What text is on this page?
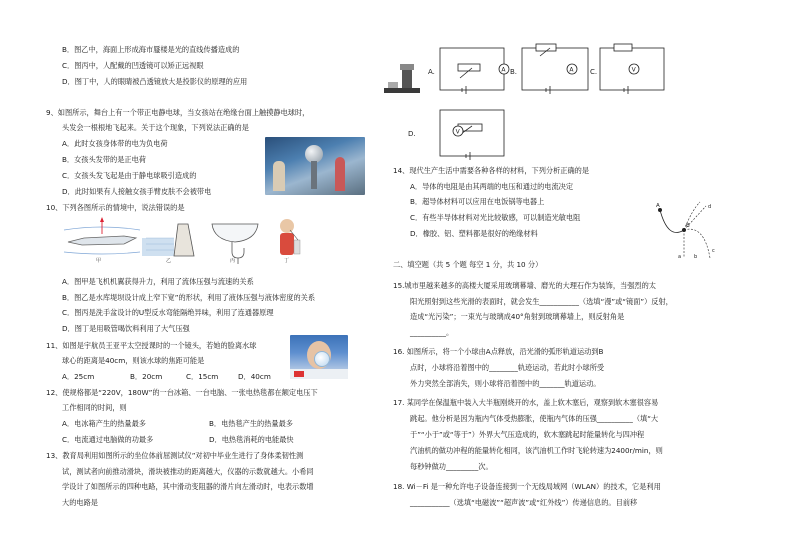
B．图乙中，海面上形成海市蜃楼是光的直线传播造成的
C．图丙中，人配戴的凹透镜可以矫正远视眼
D．图丁中，人的眼睛被凸透镜放大是投影仪的原理的应用
9、如图所示，舞台上有一个带正电静电球，当女孩站在绝缘台面上触摸静电球时，
头发会一根根地飞起来。关于这个现象，下列说法正确的是
A．此时女孩身体带的电为负电荷
B．女孩头发带的是正电荷
C．女孩头发飞起是由于静电球吸引造成的
D．此时如果有人接触女孩手臂皮肤不会被带电
10、下列各图所示的情境中，说法错误的是
甲	乙	丙	丁
A．图甲是飞机机翼获得升力，利用了流体压强与流速的关系
B．图乙是水库堤坝设计成上窄下宽”的形状，利用了液体压强与液体密度的关系
C．图丙是洗手盆设计的U型反水弯能隔绝异味，利用了连通器原理
D．图丁是用吸管喝饮料利用了大气压强
11、如图是宇航员王亚平太空授课时的一个镜头，若她的脸离水球
球心的距离是40cm，则该水球的焦距可能是
A．25cm	B．20cm	C．15cm	D．40cm
12、使规格都是“220V，180W”的一台冰箱、一台电脑、一张电热毯都在额定电压下
工作相同的时间，则
A．电冰箱产生的热量最多	B．电热毯产生的热量最多
C．电流通过电脑做的功最多	D．电热毯消耗的电能最快
13、教育局利用如图所示的坐位体前屈测试仪”对初中毕业生进行了身体柔韧性测
试，测试者向前推动滑块，滑块被推动的距离越大，仪器的示数就越大。小希同
学设计了如图所示的四种电路，其中滑动变阻器的滑片向左滑动时，电表示数增
大的电路是
A	A	V
V
A.	B.	C.
D.
14、现代生产生活中需要各种各样的材料，下列分析正确的是
A．导体的电阻是由其两端的电压和通过的电流决定
B．超导体材料可以应用在电饭锅等电器上
C．有些半导体材料对光比较敏感，可以制造光敏电阻
D．橡胶、铝、塑料都是很好的绝缘材料
A
B
a	b
c
d
二、填空题（共 5 个题 每空 1 分，共 10 分）
15.城市里越来越多的高楼大厦采用玻璃幕墙、磨光的大理石作为装饰，当强烈的太
阳光照射到这些光滑的表面时，就会发生___________（选填“漫”或“镜面”）反射，
造成“光污染”；一束光与玻璃成40°角射到玻璃幕墙上，则反射角是
__________。
16. 如图所示，将一个小球由A点释放，沿光滑的弧形轨道运动到B
点时，小球将沿着图中的________轨迹运动，若此时小球所受
外力突然全部消失，则小球将沿着图中的_______轨道运动。
17. 某同学在保温瓶中装入大半瓶刚烧开的水，盖上软木塞后，观察到软木塞很容易
跳起。他分析是因为瓶内气体受热膨胀，使瓶内气体的压强__________（填“大
于”“小于”或“等于”）外界大气压造成的，软木塞跳起时能量转化与四冲程
汽油机的做功冲程的能量转化相同，该汽油机工作时飞轮转速为2400r/min，则
每秒钟做功_________次。
18. Wi－Fi 是一种允许电子设备连接到一个无线局域网（WLAN）的技术，它是利用
___________（选填“电磁波”“超声波”或“红外线”）传递信息的。目前移
